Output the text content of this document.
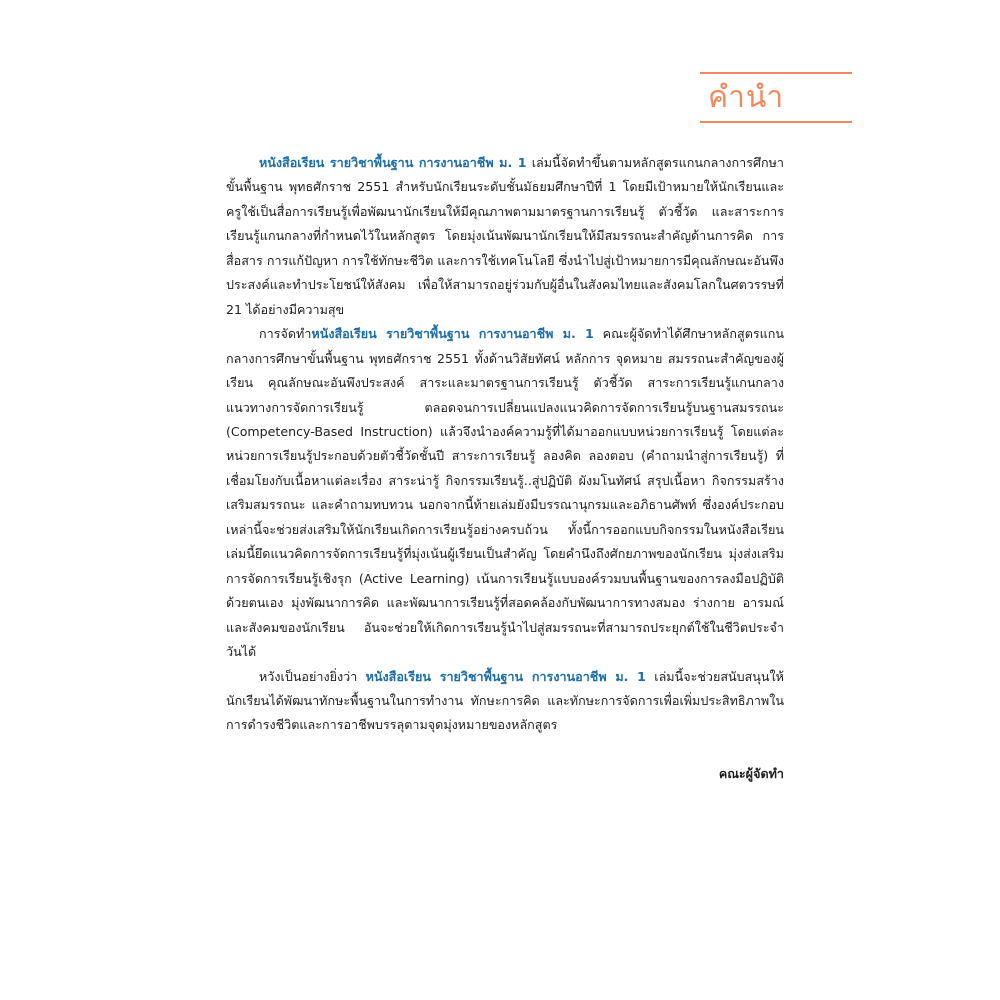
คำนำ

หนังสือเรียน รายวิชาพื้นฐาน การงานอาชีพ ม. 1 เล่มนี้จัดทำขึ้นตามหลักสูตรแกนกลางการศึกษาขั้นพื้นฐาน พุทธศักราช 2551 สำหรับนักเรียนระดับชั้นมัธยมศึกษาปีที่ 1 โดยมีเป้าหมายให้นักเรียนและครูใช้เป็นสื่อการเรียนรู้เพื่อพัฒนานักเรียนให้มีคุณภาพตามมาตรฐานการเรียนรู้ ตัวชี้วัด และสาระการเรียนรู้แกนกลางที่กำหนดไว้ในหลักสูตร โดยมุ่งเน้นพัฒนานักเรียนให้มีสมรรถนะสำคัญด้านการคิด การสื่อสาร การแก้ปัญหา การใช้ทักษะชีวิต และการใช้เทคโนโลยี ซึ่งนำไปสู่เป้าหมายการมีคุณลักษณะอันพึงประสงค์และทำประโยชน์ให้สังคม เพื่อให้สามารถอยู่ร่วมกับผู้อื่นในสังคมไทยและสังคมโลกในศตวรรษที่ 21 ได้อย่างมีความสุข

การจัดทำหนังสือเรียน รายวิชาพื้นฐาน การงานอาชีพ ม. 1 คณะผู้จัดทำได้ศึกษาหลักสูตรแกนกลางการศึกษาขั้นพื้นฐาน พุทธศักราช 2551 ทั้งด้านวิสัยทัศน์ หลักการ จุดหมาย สมรรถนะสำคัญของผู้เรียน คุณลักษณะอันพึงประสงค์ สาระและมาตรฐานการเรียนรู้ ตัวชี้วัด สาระการเรียนรู้แกนกลาง แนวทางการจัดการเรียนรู้ ตลอดจนการเปลี่ยนแปลงแนวคิดการจัดการเรียนรู้บนฐานสมรรถนะ (Competency-Based Instruction) แล้วจึงนำองค์ความรู้ที่ได้มาออกแบบหน่วยการเรียนรู้ โดยแต่ละหน่วยการเรียนรู้ประกอบด้วยตัวชี้วัดชั้นปี สาระการเรียนรู้ ลองคิด ลองตอบ (คำถามนำสู่การเรียนรู้) ที่เชื่อมโยงกับเนื้อหาแต่ละเรื่อง สาระน่ารู้ กิจกรรมเรียนรู้..สู่ปฏิบัติ ผังมโนทัศน์ สรุปเนื้อหา กิจกรรมสร้างเสริมสมรรถนะ และคำถามทบทวน นอกจากนี้ท้ายเล่มยังมีบรรณานุกรมและอภิธานศัพท์ ซึ่งองค์ประกอบเหล่านี้จะช่วยส่งเสริมให้นักเรียนเกิดการเรียนรู้อย่างครบถ้วน ทั้งนี้การออกแบบกิจกรรมในหนังสือเรียนเล่มนี้ยึดแนวคิดการจัดการเรียนรู้ที่มุ่งเน้นผู้เรียนเป็นสำคัญ โดยคำนึงถึงศักยภาพของนักเรียน มุ่งส่งเสริมการจัดการเรียนรู้เชิงรุก (Active Learning) เน้นการเรียนรู้แบบองค์รวมบนพื้นฐานของการลงมือปฏิบัติด้วยตนเอง มุ่งพัฒนาการคิด และพัฒนาการเรียนรู้ที่สอดคล้องกับพัฒนาการทางสมอง ร่างกาย อารมณ์ และสังคมของนักเรียน อันจะช่วยให้เกิดการเรียนรู้นำไปสู่สมรรถนะที่สามารถประยุกต์ใช้ในชีวิตประจำวันได้

หวังเป็นอย่างยิ่งว่า หนังสือเรียน รายวิชาพื้นฐาน การงานอาชีพ ม. 1 เล่มนี้จะช่วยสนับสนุนให้นักเรียนได้พัฒนาทักษะพื้นฐานในการทำงาน ทักษะการคิด และทักษะการจัดการเพื่อเพิ่มประสิทธิภาพในการดำรงชีวิตและการอาชีพบรรลุตามจุดมุ่งหมายของหลักสูตร

คณะผู้จัดทำ
